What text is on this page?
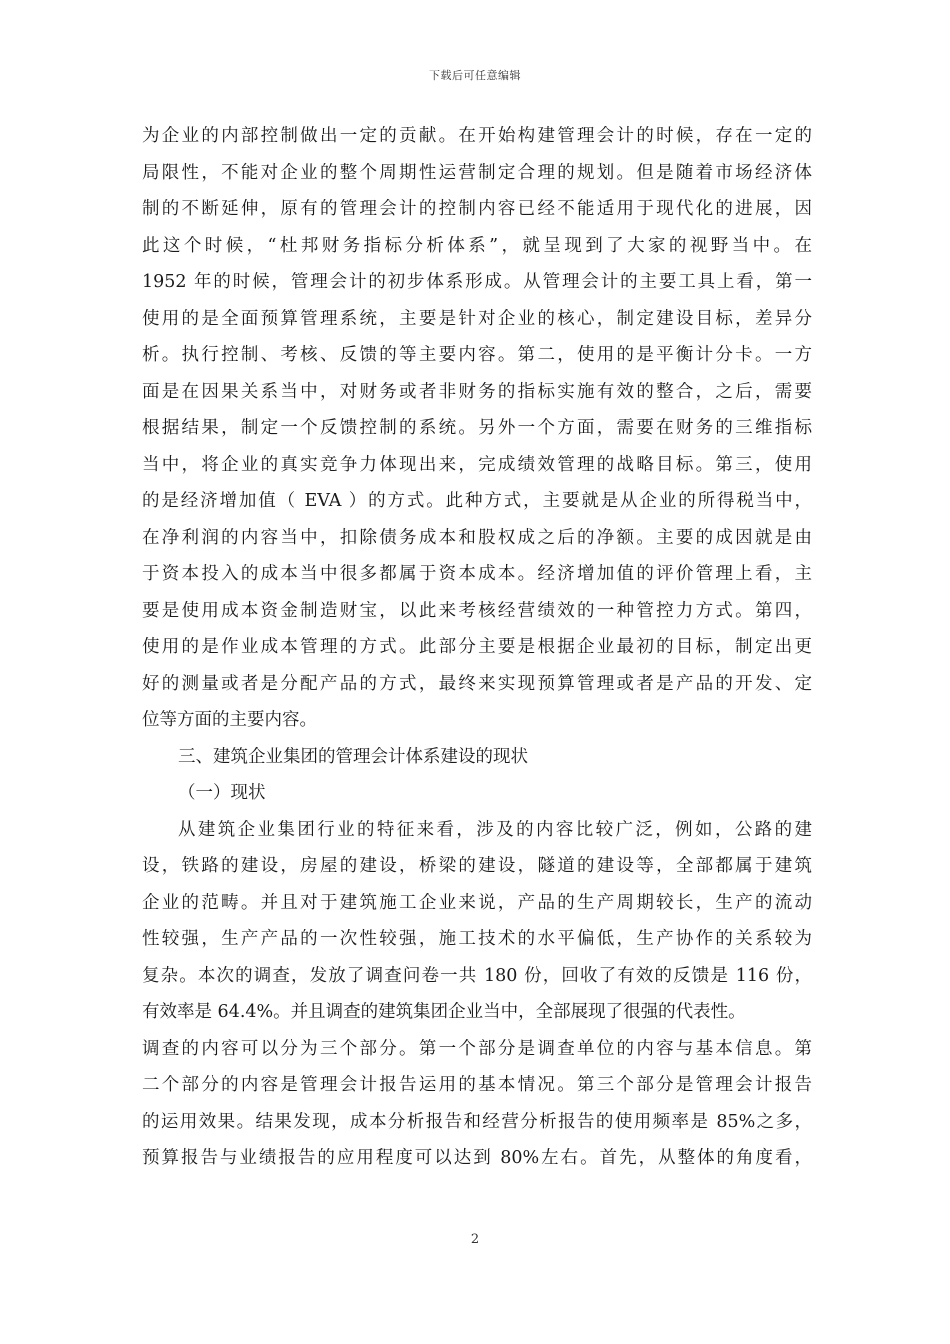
下载后可任意编辑
为企业的内部控制做出一定的贡献。在开始构建管理会计的时候，存在一定的
局限性，不能对企业的整个周期性运营制定合理的规划。但是随着市场经济体
制的不断延伸，原有的管理会计的控制内容已经不能适用于现代化的进展，因
此这个时候，“杜邦财务指标分析体系”，就呈现到了大家的视野当中。在
1952 年的时候，管理会计的初步体系形成。从管理会计的主要工具上看，第一
使用的是全面预算管理系统，主要是针对企业的核心，制定建设目标，差异分
析。执行控制、考核、反馈的等主要内容。第二，使用的是平衡计分卡。一方
面是在因果关系当中，对财务或者非财务的指标实施有效的整合，之后，需要
根据结果，制定一个反馈控制的系统。另外一个方面，需要在财务的三维指标
当中，将企业的真实竞争力体现出来，完成绩效管理的战略目标。第三，使用
的是经济增加值（ EVA ）的方式。此种方式，主要就是从企业的所得税当中，
在净利润的内容当中，扣除债务成本和股权成之后的净额。主要的成因就是由
于资本投入的成本当中很多都属于资本成本。经济增加值的评价管理上看，主
要是使用成本资金制造财宝，以此来考核经营绩效的一种管控力方式。第四，
使用的是作业成本管理的方式。此部分主要是根据企业最初的目标，制定出更
好的测量或者是分配产品的方式，最终来实现预算管理或者是产品的开发、定
位等方面的主要内容。
三、建筑企业集团的管理会计体系建设的现状
（一）现状
从建筑企业集团行业的特征来看，涉及的内容比较广泛，例如，公路的建
设，铁路的建设，房屋的建设，桥梁的建设，隧道的建设等，全部都属于建筑
企业的范畴。并且对于建筑施工企业来说，产品的生产周期较长，生产的流动
性较强，生产产品的一次性较强，施工技术的水平偏低，生产协作的关系较为
复杂。本次的调查，发放了调查问卷一共 180 份，回收了有效的反馈是 116 份，
有效率是 64.4%。并且调查的建筑集团企业当中，全部展现了很强的代表性。
调查的内容可以分为三个部分。第一个部分是调查单位的内容与基本信息。第
二个部分的内容是管理会计报告运用的基本情况。第三个部分是管理会计报告
的运用效果。结果发现，成本分析报告和经营分析报告的使用频率是 85%之多，
预算报告与业绩报告的应用程度可以达到 80%左右。首先，从整体的角度看，
2
